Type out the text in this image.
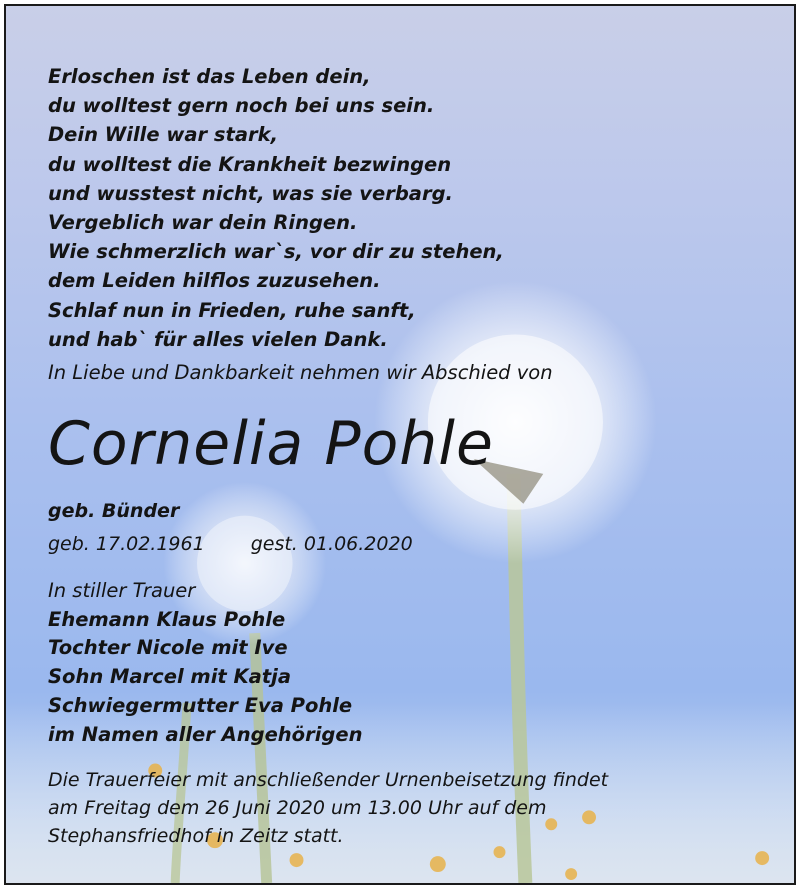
Erloschen ist das Leben dein,
du wolltest gern noch bei uns sein.
Dein Wille war stark,
du wolltest die Krankheit bezwingen
und wusstest nicht, was sie verbarg.
Vergeblich war dein Ringen.
Wie schmerzlich war`s, vor dir zu stehen,
dem Leiden hilflos zuzusehen.
Schlaf nun in Frieden, ruhe sanft,
und hab` für alles vielen Dank.
In Liebe und Dankbarkeit nehmen wir Abschied von
Cornelia Pohle
geb. Bünder
geb. 17.02.1961 gest. 01.06.2020
In stiller Trauer
Ehemann Klaus Pohle
Tochter Nicole mit Ive
Sohn Marcel mit Katja
Schwiegermutter Eva Pohle
im Namen aller Angehörigen
Die Trauerfeier mit anschließender Urnenbeisetzung findet
am Freitag dem 26 Juni 2020 um 13.00 Uhr auf dem
Stephansfriedhof in Zeitz statt.
